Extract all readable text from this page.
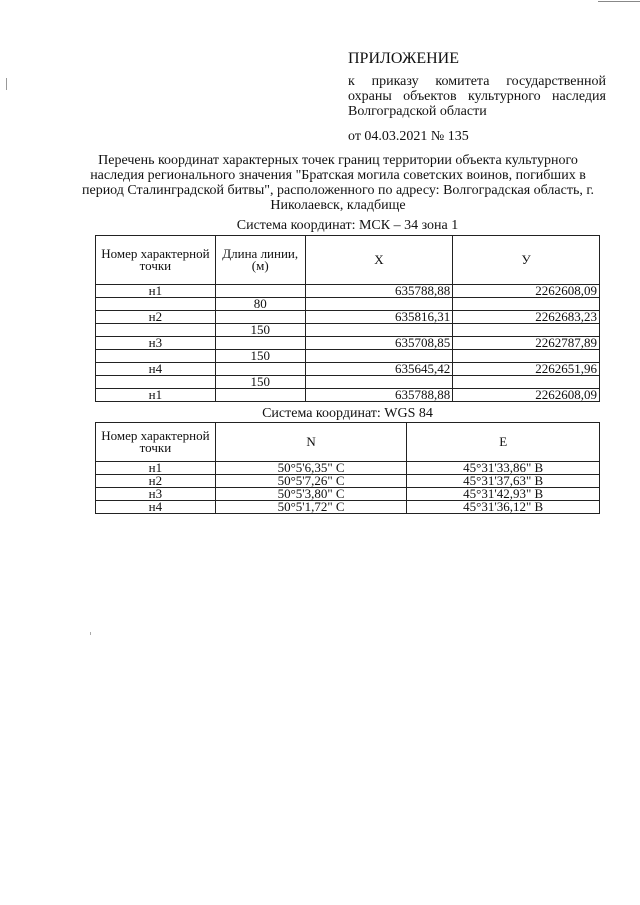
ПРИЛОЖЕНИЕ
к приказу комитета государственной охраны объектов культурного наследия Волгоградской области
от 04.03.2021 № 135
Перечень координат характерных точек границ территории объекта культурного наследия регионального значения "Братская могила советских воинов, погибших в период Сталинградской битвы", расположенного по адресу: Волгоградская область, г. Николаевск, кладбище
Система координат: МСК – 34 зона 1
Номер характерной точки	Длина линии, (м)	X	У
н1		635788,88	2262608,09
	80		
н2		635816,31	2262683,23
	150		
н3		635708,85	2262787,89
	150		
н4		635645,42	2262651,96
	150		
н1		635788,88	2262608,09
Система координат: WGS 84
Номер характерной точки	N	E
н1	50°5'6,35" С	45°31'33,86" В
н2	50°5'7,26" С	45°31'37,63" В
н3	50°5'3,80" С	45°31'42,93" В
н4	50°5'1,72" С	45°31'36,12" В
